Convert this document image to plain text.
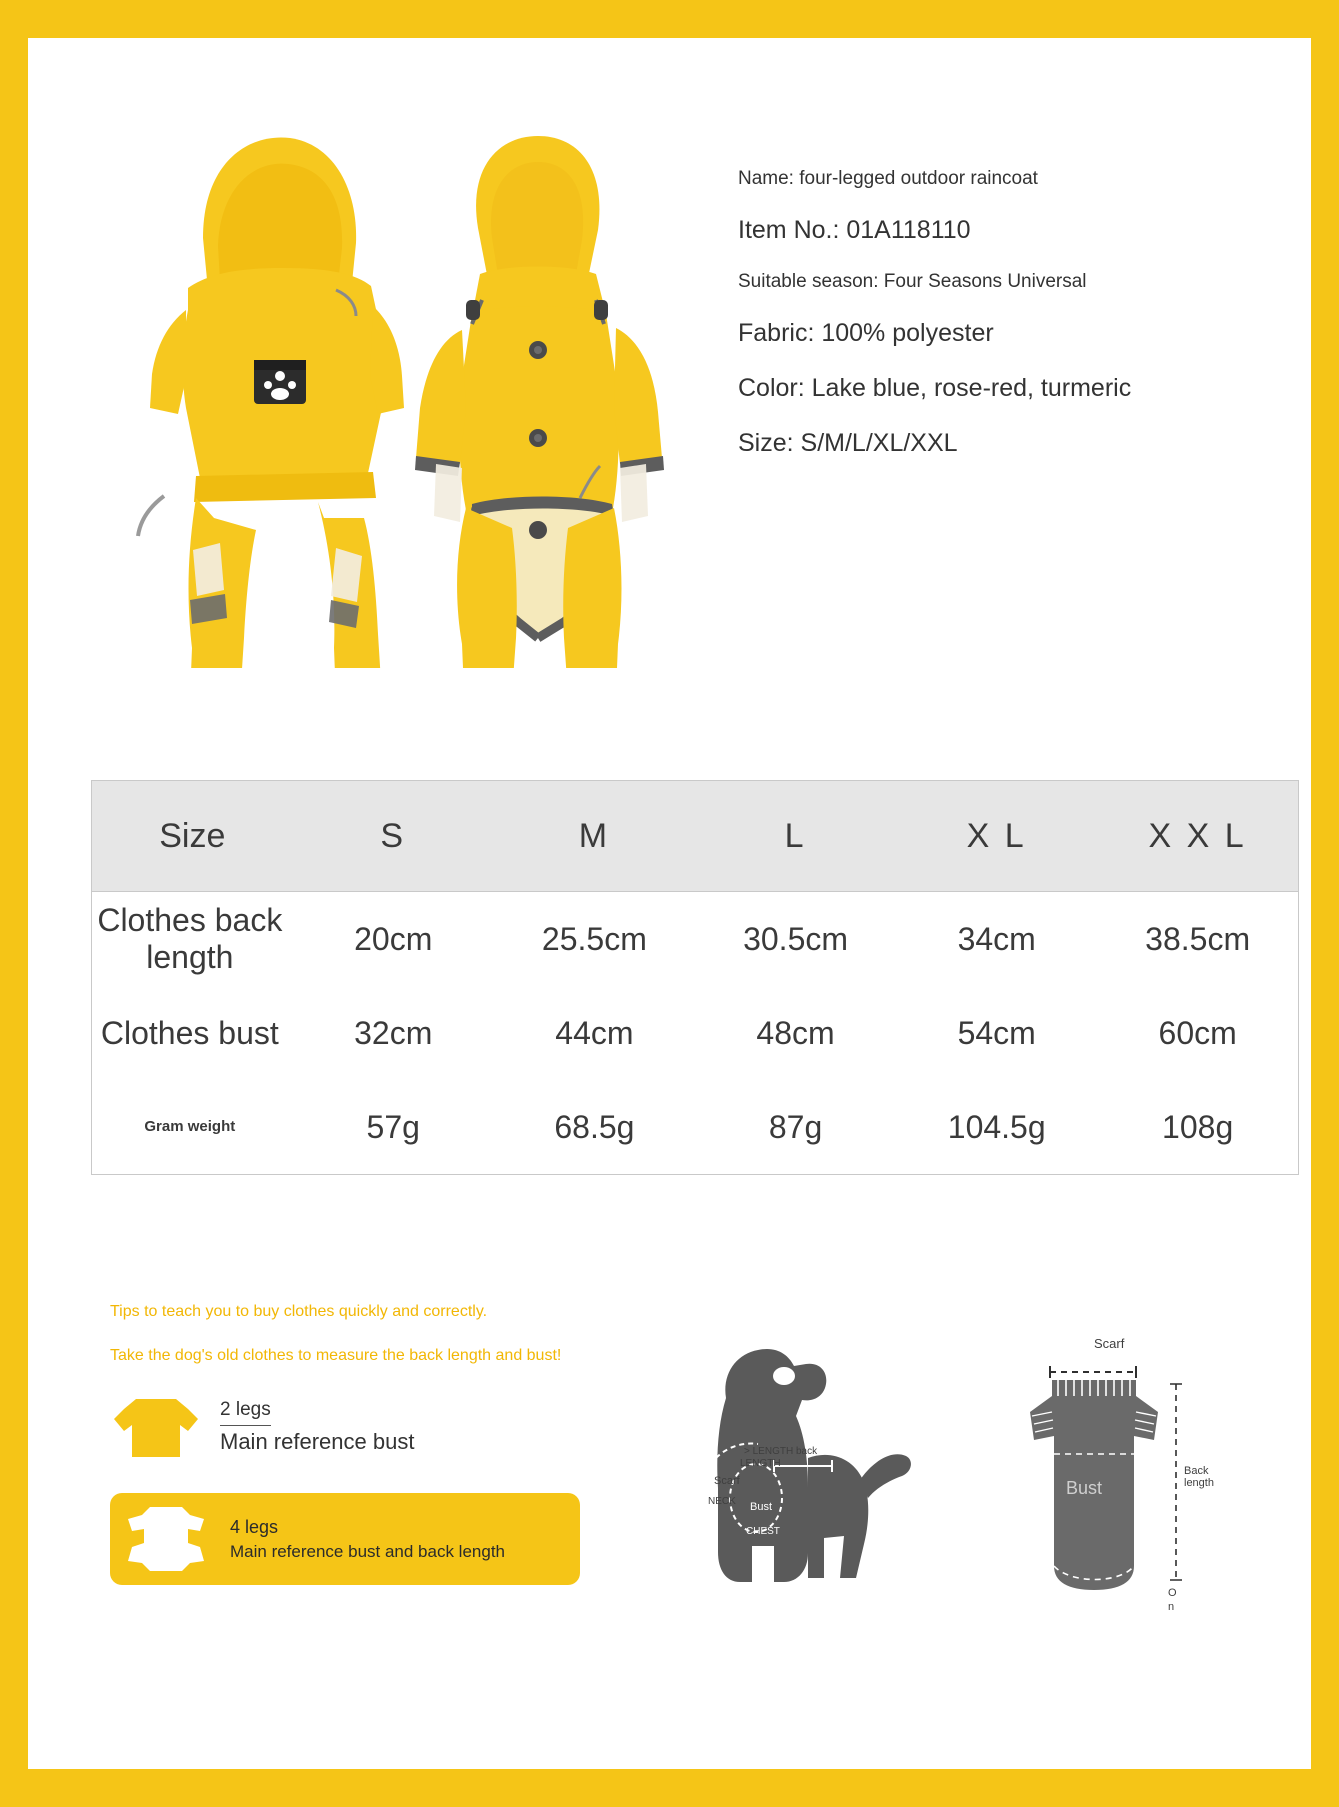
Name: four-legged outdoor raincoat
Item No.: 01A118110
Suitable season: Four Seasons Universal
Fabric: 100% polyester
Color: Lake blue, rose-red, turmeric
Size: S/M/L/XL/XXL
Size	S	M	L	X L	X X L
Clothes back length	20cm	25.5cm	30.5cm	34cm	38.5cm
Clothes bust	32cm	44cm	48cm	54cm	60cm
Gram weight	57g	68.5g	87g	104.5g	108g
Tips to teach you to buy clothes quickly and correctly.
Take the dog's old clothes to measure the back length and bust!
2 legs
Main reference bust
4 legs
Main reference bust and back length
Scarf
NECK Bust
CHEST
> LENGTH back
LENGTH
Scarf
Bust
Back
length
O
n
